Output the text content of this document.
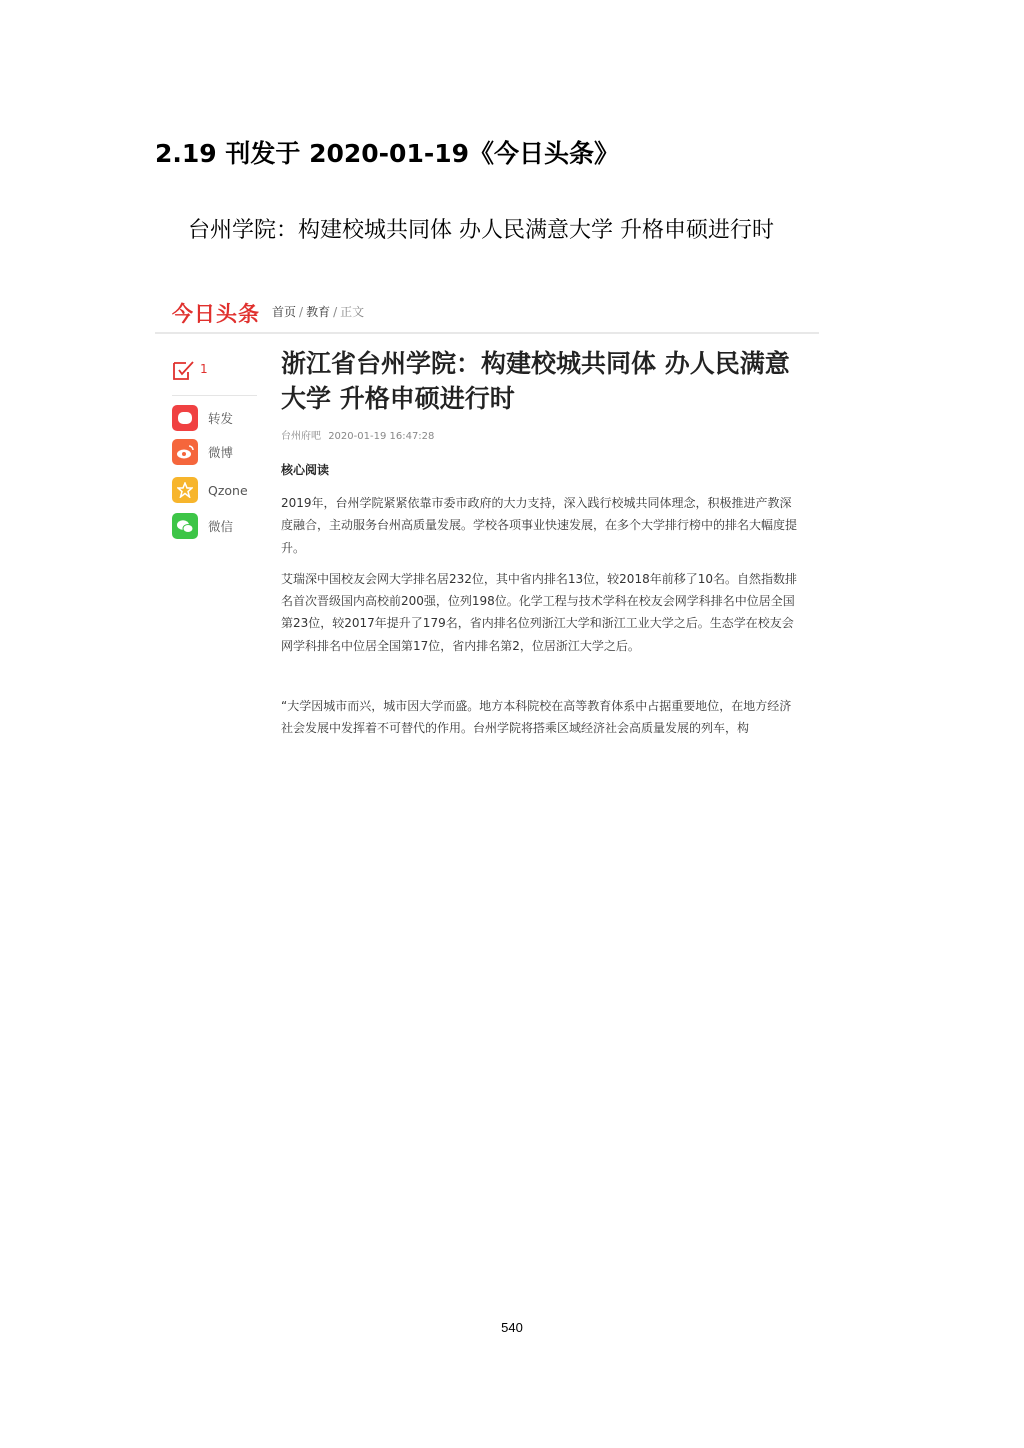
2.19 刊发于 2020-01-19《今日头条》
台州学院：构建校城共同体 办人民满意大学 升格申硕进行时
今日头条 首页 / 教育 / 正文
1
转发
微博
Qzone
微信
浙江省台州学院：构建校城共同体 办人民满意大学 升格申硕进行时
台州府吧 2020-01-19 16:47:28
核心阅读

2019年，台州学院紧紧依靠市委市政府的大力支持，深入践行校城共同体理念，积极推进产教深度融合，主动服务台州高质量发展。学校各项事业快速发展，在多个大学排行榜中的排名大幅度提升。

艾瑞深中国校友会网大学排名居232位，其中省内排名13位，较2018年前移了10名。自然指数排名首次晋级国内高校前200强，位列198位。化学工程与技术学科在校友会网学科排名中位居全国第23位，较2017年提升了179名，省内排名位列浙江大学和浙江工业大学之后。生态学在校友会网学科排名中位居全国第17位，省内排名第2，位居浙江大学之后。

“大学因城市而兴，城市因大学而盛。地方本科院校在高等教育体系中占据重要地位，在地方经济社会发展中发挥着不可替代的作用。台州学院将搭乘区域经济社会高质量发展的列车，构

540
